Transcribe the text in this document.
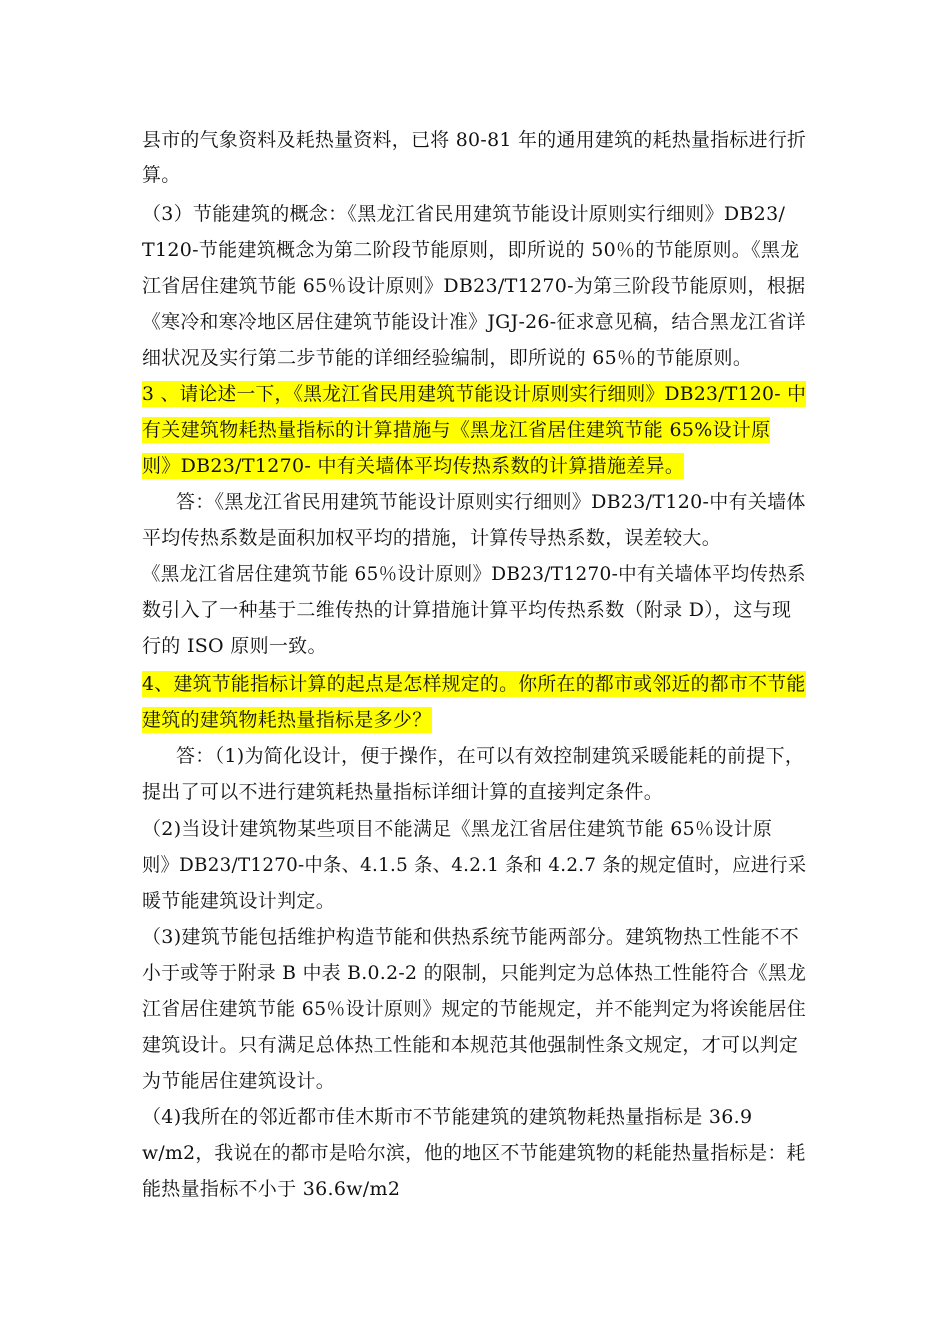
县市的气象资料及耗热量资料，已将 80-81 年的通用建筑的耗热量指标进行折
算。
（3）节能建筑的概念：《黑龙江省民用建筑节能设计原则实行细则》DB23/
T120-节能建筑概念为第二阶段节能原则，即所说的 50％的节能原则。《黑龙
江省居住建筑节能 65％设计原则》DB23/T1270-为第三阶段节能原则，根据
《寒冷和寒冷地区居住建筑节能设计准》JGJ-26-征求意见稿，结合黑龙江省详
细状况及实行第二步节能的详细经验编制，即所说的 65％的节能原则。
3 、请论述一下，《黑龙江省民用建筑节能设计原则实行细则》DB23/T120- 中
有关建筑物耗热量指标的计算措施与《黑龙江省居住建筑节能 65%设计原
则》DB23/T1270- 中有关墙体平均传热系数的计算措施差异。
答：《黑龙江省民用建筑节能设计原则实行细则》DB23/T120-中有关墙体
平均传热系数是面积加权平均的措施，计算传导热系数，误差较大。
《黑龙江省居住建筑节能 65％设计原则》DB23/T1270-中有关墙体平均传热系
数引入了一种基于二维传热的计算措施计算平均传热系数（附录 D），这与现
行的 ISO 原则一致。
4、建筑节能指标计算的起点是怎样规定的。你所在的都市或邻近的都市不节能
建筑的建筑物耗热量指标是多少？
答：（1)为简化设计，便于操作，在可以有效控制建筑采暖能耗的前提下，
提出了可以不进行建筑耗热量指标详细计算的直接判定条件。
（2)当设计建筑物某些项目不能满足《黑龙江省居住建筑节能 65％设计原
则》DB23/T1270-中条、4.1.5 条、4.2.1 条和 4.2.7 条的规定值时，应进行采
暖节能建筑设计判定。
（3)建筑节能包括维护构造节能和供热系统节能两部分。建筑物热工性能不不
小于或等于附录 B 中表 B.0.2-2 的限制，只能判定为总体热工性能符合《黑龙
江省居住建筑节能 65％设计原则》规定的节能规定，并不能判定为将诶能居住
建筑设计。只有满足总体热工性能和本规范其他强制性条文规定，才可以判定
为节能居住建筑设计。
（4)我所在的邻近都市佳木斯市不节能建筑的建筑物耗热量指标是 36.9
w/m2，我说在的都市是哈尔滨，他的地区不节能建筑物的耗能热量指标是：耗
能热量指标不小于 36.6w/m2
